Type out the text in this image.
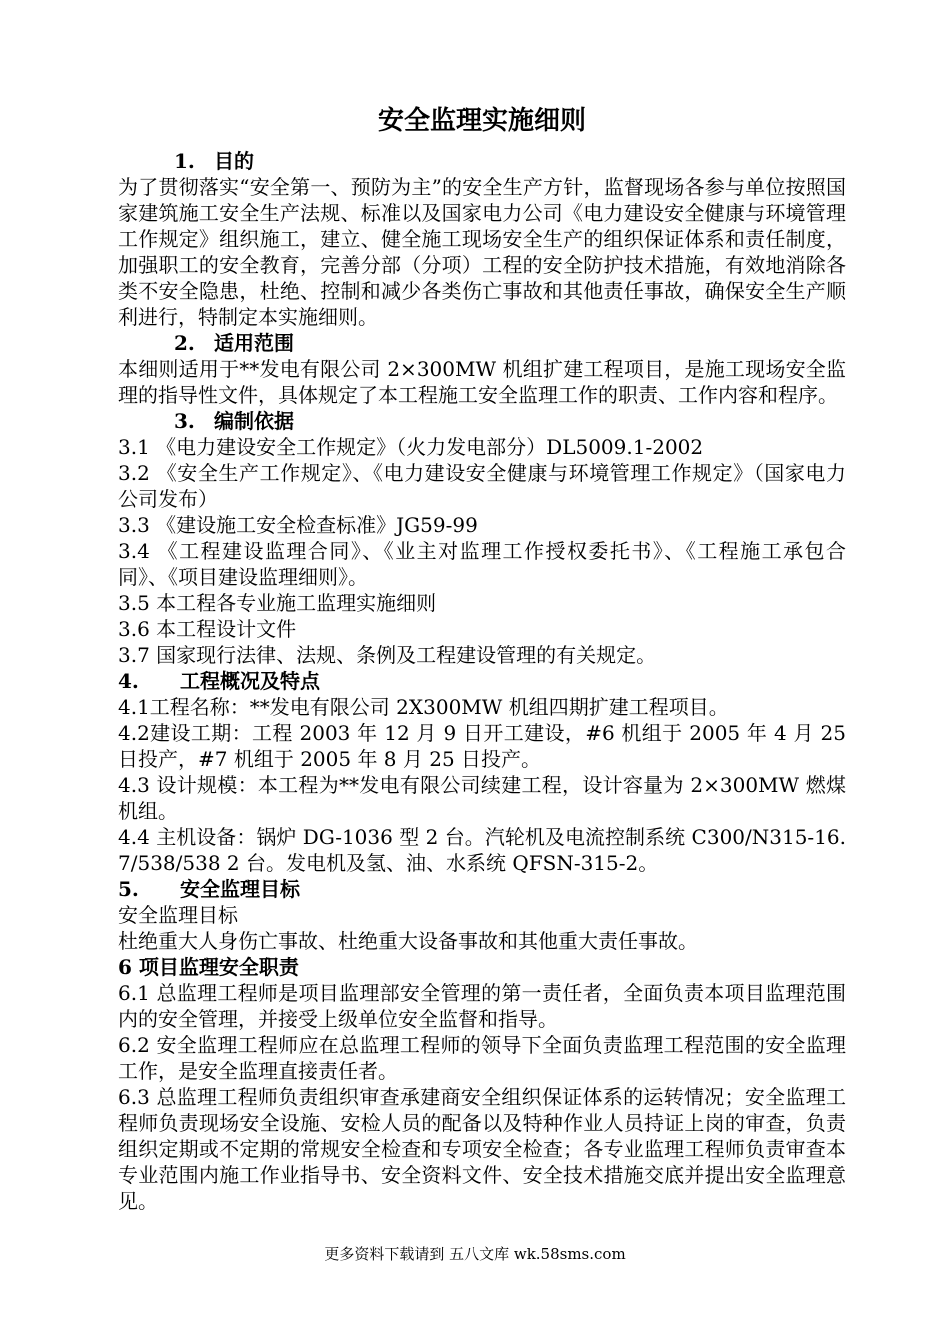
安全监理实施细则
1. 目的

为了贯彻落实“安全第一、预防为主”的安全生产方针，监督现场各参与单位按照国家建筑施工安全生产法规、标准以及国家电力公司《电力建设安全健康与环境管理工作规定》组织施工，建立、健全施工现场安全生产的组织保证体系和责任制度，加强职工的安全教育，完善分部（分项）工程的安全防护技术措施，有效地消除各类不安全隐患，杜绝、控制和减少各类伤亡事故和其他责任事故，确保安全生产顺利进行，特制定本实施细则。

2. 适用范围

本细则适用于**发电有限公司 2×300MW 机组扩建工程项目，是施工现场安全监理的指导性文件，具体规定了本工程施工安全监理工作的职责、工作内容和程序。

3. 编制依据

3.1 《电力建设安全工作规定》（火力发电部分）DL5009.1-2002

3.2 《安全生产工作规定》、《电力建设安全健康与环境管理工作规定》（国家电力公司发布）

3.3 《建设施工安全检查标准》JG59-99

3.4 《工程建设监理合同》、《业主对监理工作授权委托书》、《工程施工承包合同》、《项目建设监理细则》。

3.5 本工程各专业施工监理实施细则

3.6 本工程设计文件

3.7 国家现行法律、法规、条例及工程建设管理的有关规定。

4. 工程概况及特点

4.1工程名称：**发电有限公司 2X300MW 机组四期扩建工程项目。

4.2建设工期：工程 2003 年 12 月 9 日开工建设，#6 机组于 2005 年 4 月 25 日投产，#7 机组于 2005 年 8 月 25 日投产。

4.3 设计规模：本工程为**发电有限公司续建工程，设计容量为 2×300MW 燃煤机组。

4.4 主机设备：锅炉 DG-1036 型 2 台。汽轮机及电流控制系统 C300/N315-16.7/538/538 2 台。发电机及氢、油、水系统 QFSN-315-2。

5. 安全监理目标

安全监理目标

杜绝重大人身伤亡事故、杜绝重大设备事故和其他重大责任事故。

6 项目监理安全职责

6.1 总监理工程师是项目监理部安全管理的第一责任者，全面负责本项目监理范围内的安全管理，并接受上级单位安全监督和指导。

6.2 安全监理工程师应在总监理工程师的领导下全面负责监理工程范围的安全监理工作，是安全监理直接责任者。

6.3 总监理工程师负责组织审查承建商安全组织保证体系的运转情况；安全监理工程师负责现场安全设施、安检人员的配备以及特种作业人员持证上岗的审查，负责组织定期或不定期的常规安全检查和专项安全检查；各专业监理工程师负责审查本专业范围内施工作业指导书、安全资料文件、安全技术措施交底并提出安全监理意见。

更多资料下载请到 五八文库 wk.58sms.com
